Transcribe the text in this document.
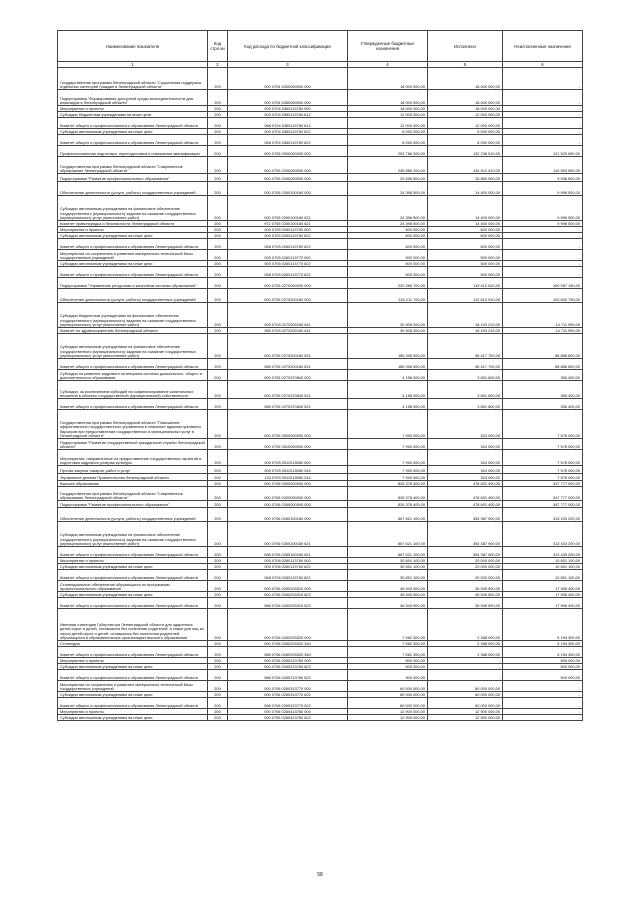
Наименование показателя	Код стро ки	Код расхода по бюджетной классификации	Утвержденные бюджетные назначения	Исполнено	Неисполненные назначения
1	2	3	4	5	6
Государственная программа Ленинградской области "Социальная поддержка отдельных категорий граждан в Ленинградской области"	200	000 0704 5300000000 000	18 000 000,00	18 000 000,00	-
Подпрограмма "Формирование доступной среды жизнедеятельности для инвалидов в Ленинградской области"	200	000 0704 5360000000 000	18 000 000,00	18 000 000,00	-
Мероприятия и проекты	200	000 0704 5360113760 000	18 000 000,00	18 000 000,00	-
Субсидии бюджетным учреждениям на иные цели	200	000 0704 5360113760 612	12 000 000,00	12 000 000,00	-
Комитет общего и профессионального образования Ленинградской области	200	068 0704 5360113760 612	12 000 000,00	12 000 000,00	-
Субсидии автономным учреждениям на иные цели	200	000 0704 5360113760 622	6 000 000,00	6 000 000,00	-
Комитет общего и профессионального образования Ленинградской области	200	068 0704 5360113760 622	6 000 000,00	6 000 000,00	-
Профессиональная подготовка, переподготовка и повышение квалификации	200	000 0705 0000000000 000	253 766 200,00	132 236 510,00	121 529 690,00
Государственная программа Ленинградской области "Современное образование Ленинградской области"	200	000 0705 0200000000 000	245 866 200,00	134 912 510,00	110 953 690,00
Подпрограмма "Развитие профессионального образования"	200	000 0705 0260000000 000	25 496 600,00	15 560 000,00	9 936 600,00
Обеспечение деятельности (услуги, работы) государственных учреждений	200	000 0705 0260100160 000	24 396 500,00	14 400 000,00	9 996 500,00
Субсидии автономным учреждениям на финансовое обеспечение государственного (муниципального) задания на оказание государственных (муниципальных) услуг (выполнение работ)	200	000 0705 0260100160 621	24 396 500,00	14 400 000,00	9 996 500,00
Комитет правопорядка и безопасности Ленинградской области	200	972 0705 0260100160 621	24 396 500,00	14 400 000,00	9 996 500,00
Мероприятия и проекты	200	000 0705 0260113760 000	600 000,00	600 000,00	-
Субсидии автономным учреждениям на иные цели	200	000 0705 0260113760 622	600 000,00	600 000,00	-
Комитет общего и профессионального образования Ленинградской области	200	068 0705 0260113760 622	600 000,00	600 000,00	-
Мероприятия по сохранению и развитию материально-технической базы государственных учреждений	200	000 0705 0260113770 000	500 000,00	500 000,00	-
Субсидии автономным учреждениям на иные цели	200	000 0705 0260113770 622	500 000,00	500 000,00	-
Комитет общего и профессионального образования Ленинградской области	200	068 0705 0260113770 622	500 000,00	500 000,00	-
Подпрограмма "Управление ресурсами и качеством системы образования"	200	000 0705 0270000000 000	220 369 700,00	119 412 510,00	100 957 190,00
Обеспечение деятельности (услуги, работы) государственных учреждений	200	000 0705 0270200160 000	216 211 700,00	112 610 910,00	103 600 790,00
Субсидии бюджетным учреждениям на финансовое обеспечение государственного (муниципального) задания на оказание государственных (муниципальных) услуг (выполнение работ)	200	000 0705 0270200160 611	30 905 200,00	16 193 210,00	14 711 990,00
Комитет по здравоохранению Ленинградской области	200	980 0705 0270200160 611	30 905 200,00	16 193 210,00	14 711 990,00
Субсидии автономным учреждениям на финансовое обеспечение государственного (муниципального) задания на оказание государственных (муниципальных) услуг (выполнение работ)	200	000 0705 0270200160 621	185 306 500,00	96 417 700,00	88 888 800,00
Комитет общего и профессионального образования Ленинградской области	200	068 0705 0270200160 621	185 306 500,00	96 417 700,00	88 888 800,00
Субсидии на развитие кадрового потенциала системы дошкольного, общего и дополнительного образования	200	000 0705 0270370840 000	4 158 000,00	3 801 600,00	356 400,00
Субсидии, за исключением субсидий на софинансирование капитальных вложений в объекты государственной (муниципальной) собственности	200	000 0705 0270370840 521	4 158 000,00	3 801 600,00	356 400,00
Комитет общего и профессионального образования Ленинградской области	200	068 0705 0270370840 521	4 158 000,00	3 801 600,00	356 400,00
Государственная программа Ленинградской области "Повышение эффективности государственного управления и снижение административных барьеров при предоставлении государственных и муниципальных услуг в Ленинградской области"	200	000 0705 0500000000 000	7 900 000,00	324 000,00	7 576 000,00
Подпрограмма "Развитие государственной гражданской службы Ленинградской области"	200	000 0705 0510000000 000	7 900 000,00	324 000,00	7 576 000,00
Мероприятия, направленные на предоставление государственных гарантий и подготовка кадрового резерва культуры	200	000 0705 0511013580 000	7 900 000,00	324 000,00	7 576 000,00
Прочая закупка товаров, работ и услуг	200	000 0705 0511013580 244	7 900 000,00	324 000,00	7 576 000,00
Управление делами Правительства Ленинградской области	200	133 0705 0511013580 244	7 900 000,00	324 000,00	7 576 000,00
Высшее образование	200	000 0706 0000000000 000	826 378 400,00	478 601 400,00	347 777 000,00
Государственная программа Ленинградской области "Современное образование Ленинградской области"	200	000 0706 0200000000 000	826 378 400,00	478 601 400,00	347 777 000,00
Подпрограмма "Развитие профессионального образования"	200	000 0706 0260000000 000	826 378 400,00	478 601 400,00	347 777 000,00
Обеспечение деятельности (услуги, работы) государственных учреждений	200	000 0706 0260100160 000	667 621 100,00	354 387 900,00	313 433 200,00
Субсидии автономным учреждениям на финансовое обеспечение государственного (муниципального) задания на оказание государственных (муниципальных) услуг (выполнение работ)	200	000 0706 0260100160 621	667 621 100,00	354 387 900,00	313 433 200,00
Комитет общего и профессионального образования Ленинградской области	200	068 0706 0260100160 621	667 621 100,00	354 387 900,00	313 433 200,00
Мероприятия и проекты	200	000 0706 0260113760 000	30 651 100,00	20 000 000,00	10 651 100,00
Субсидии автономным учреждениям на иные цели	200	000 0706 0260113760 622	30 651 100,00	20 000 000,00	10 651 100,00
Комитет общего и профессионального образования Ленинградской области	200	068 0706 0260113760 622	30 651 100,00	20 000 000,00	10 651 100,00
Стипендиальное обеспечение обучающихся по программам профессионального образования	200	000 0706 0260203310 000	46 943 900,00	28 945 500,00	17 998 400,00
Субсидии автономным учреждениям на иные цели	200	000 0706 0260203310 622	46 943 900,00	28 945 500,00	17 998 400,00
Комитет общего и профессионального образования Ленинградской области	200	068 0706 0260203310 622	46 943 900,00	28 945 500,00	17 998 400,00
Именная стипендия Губернатора Ленинградской области для одаренных детей-сирот и детей, оставшихся без попечения родителей, а также для лиц из числа детей-сирот и детей, оставшихся без попечения родителей, обучающихся в образовательных организациях высшего образования	200	000 0706 0260203320 000	7 562 300,00	2 368 000,00	5 194 300,00
Стипендии	200	000 0706 0260203320 340	7 562 300,00	2 368 000,00	5 194 300,00
Комитет общего и профессионального образования Ленинградской области	200	068 0706 0260203320 340	7 562 300,00	2 368 000,00	5 194 300,00
Мероприятия и проекты	200	000 0706 0260213760 000	500 000,00	-	500 000,00
Субсидии автономным учреждениям на иные цели	200	000 0706 0260213760 622	500 000,00	-	500 000,00
Комитет общего и профессионального образования Ленинградской области	200	068 0706 0260213760 622	500 000,00	-	500 000,00
Мероприятия по сохранению и развитию материально-технической базы государственных учреждений	200	000 0706 0260313770 000	60 000 000,00	60 000 000,00	-
Субсидии автономным учреждениям на иные цели	200	000 0706 0260313770 622	60 000 000,00	60 000 000,00	-
Комитет общего и профессионального образования Ленинградской области	200	068 0706 0260313770 622	60 000 000,00	60 000 000,00	-
Мероприятия и проекты	200	000 0706 0260413760 000	12 900 000,00	12 900 000,00	-
Субсидии автономным учреждениям на иные цели	200	000 0706 0260413760 622	12 900 000,00	12 900 000,00	-
58
